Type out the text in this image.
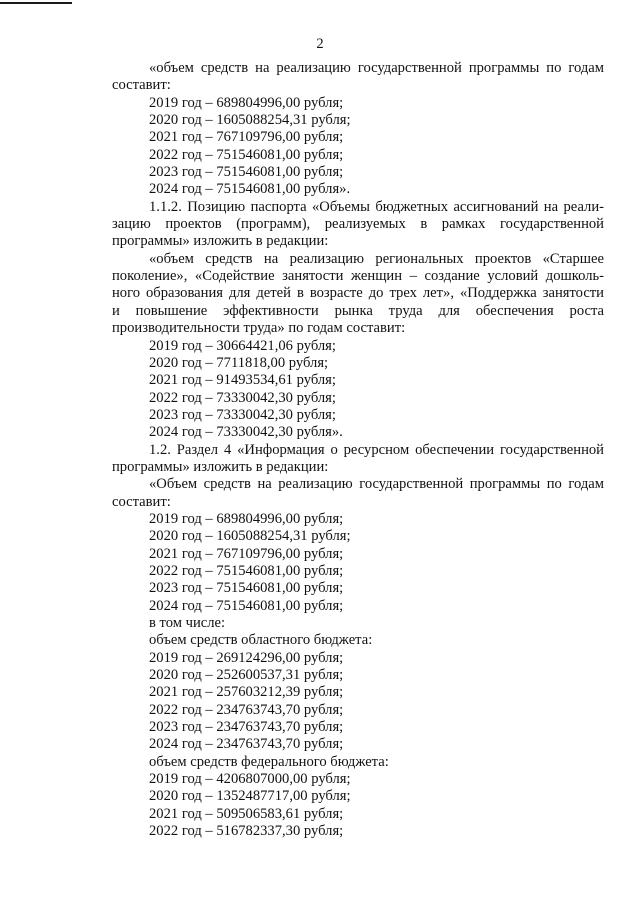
2

«объем средств на реализацию государственной программы по годам

составит:

2019 год – 689804996,00 рубля;

2020 год – 1605088254,31 рубля;

2021 год – 767109796,00 рубля;

2022 год – 751546081,00 рубля;

2023 год – 751546081,00 рубля;

2024 год – 751546081,00 рубля».

1.1.2. Позицию паспорта «Объемы бюджетных ассигнований на реали-

зацию проектов (программ), реализуемых в рамках государственной

программы» изложить в редакции:

«объем средств на реализацию региональных проектов «Старшее

поколение», «Содействие занятости женщин – создание условий дошколь-

ного образования для детей в возрасте до трех лет», «Поддержка занятости

и повышение эффективности рынка труда для обеспечения роста

производительности труда» по годам составит:

2019 год – 30664421,06 рубля;

2020 год – 7711818,00 рубля;

2021 год – 91493534,61 рубля;

2022 год – 73330042,30 рубля;

2023 год – 73330042,30 рубля;

2024 год – 73330042,30 рубля».

1.2. Раздел 4 «Информация о ресурсном обеспечении государственной

программы» изложить в редакции:

«Объем средств на реализацию государственной программы по годам

составит:

2019 год – 689804996,00 рубля;

2020 год – 1605088254,31 рубля;

2021 год – 767109796,00 рубля;

2022 год – 751546081,00 рубля;

2023 год – 751546081,00 рубля;

2024 год – 751546081,00 рубля;

в том числе:

объем средств областного бюджета:

2019 год – 269124296,00 рубля;

2020 год – 252600537,31 рубля;

2021 год – 257603212,39 рубля;

2022 год – 234763743,70 рубля;

2023 год – 234763743,70 рубля;

2024 год – 234763743,70 рубля;

объем средств федерального бюджета:

2019 год – 4206807000,00 рубля;

2020 год – 1352487717,00 рубля;

2021 год – 509506583,61 рубля;

2022 год – 516782337,30 рубля;
